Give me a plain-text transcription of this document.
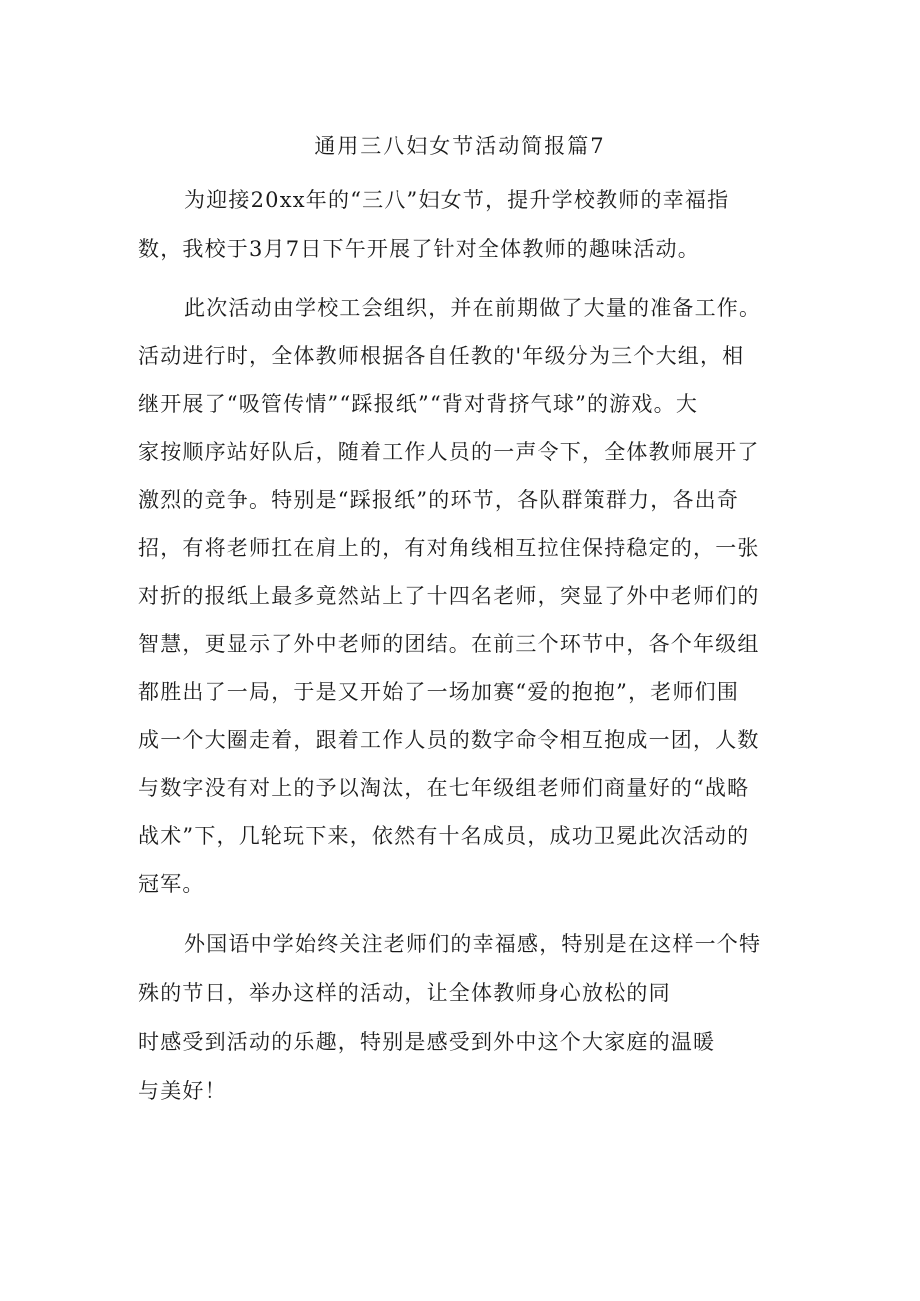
通用三八妇女节活动简报篇7
为迎接20xx年的“三八”妇女节，提升学校教师的幸福指
数，我校于3月7日下午开展了针对全体教师的趣味活动。
此次活动由学校工会组织，并在前期做了大量的准备工作。
活动进行时，全体教师根据各自任教的'年级分为三个大组，相
继开展了“吸管传情”“踩报纸”“背对背挤气球”的游戏。大
家按顺序站好队后，随着工作人员的一声令下，全体教师展开了
激烈的竞争。特别是“踩报纸”的环节，各队群策群力，各出奇
招，有将老师扛在肩上的，有对角线相互拉住保持稳定的，一张
对折的报纸上最多竟然站上了十四名老师，突显了外中老师们的
智慧，更显示了外中老师的团结。在前三个环节中，各个年级组
都胜出了一局，于是又开始了一场加赛“爱的抱抱”，老师们围
成一个大圈走着，跟着工作人员的数字命令相互抱成一团，人数
与数字没有对上的予以淘汰，在七年级组老师们商量好的“战略
战术”下，几轮玩下来，依然有十名成员，成功卫冕此次活动的
冠军。
外国语中学始终关注老师们的幸福感，特别是在这样一个特
殊的节日，举办这样的活动，让全体教师身心放松的同
时感受到活动的乐趣，特别是感受到外中这个大家庭的温暖
与美好！
